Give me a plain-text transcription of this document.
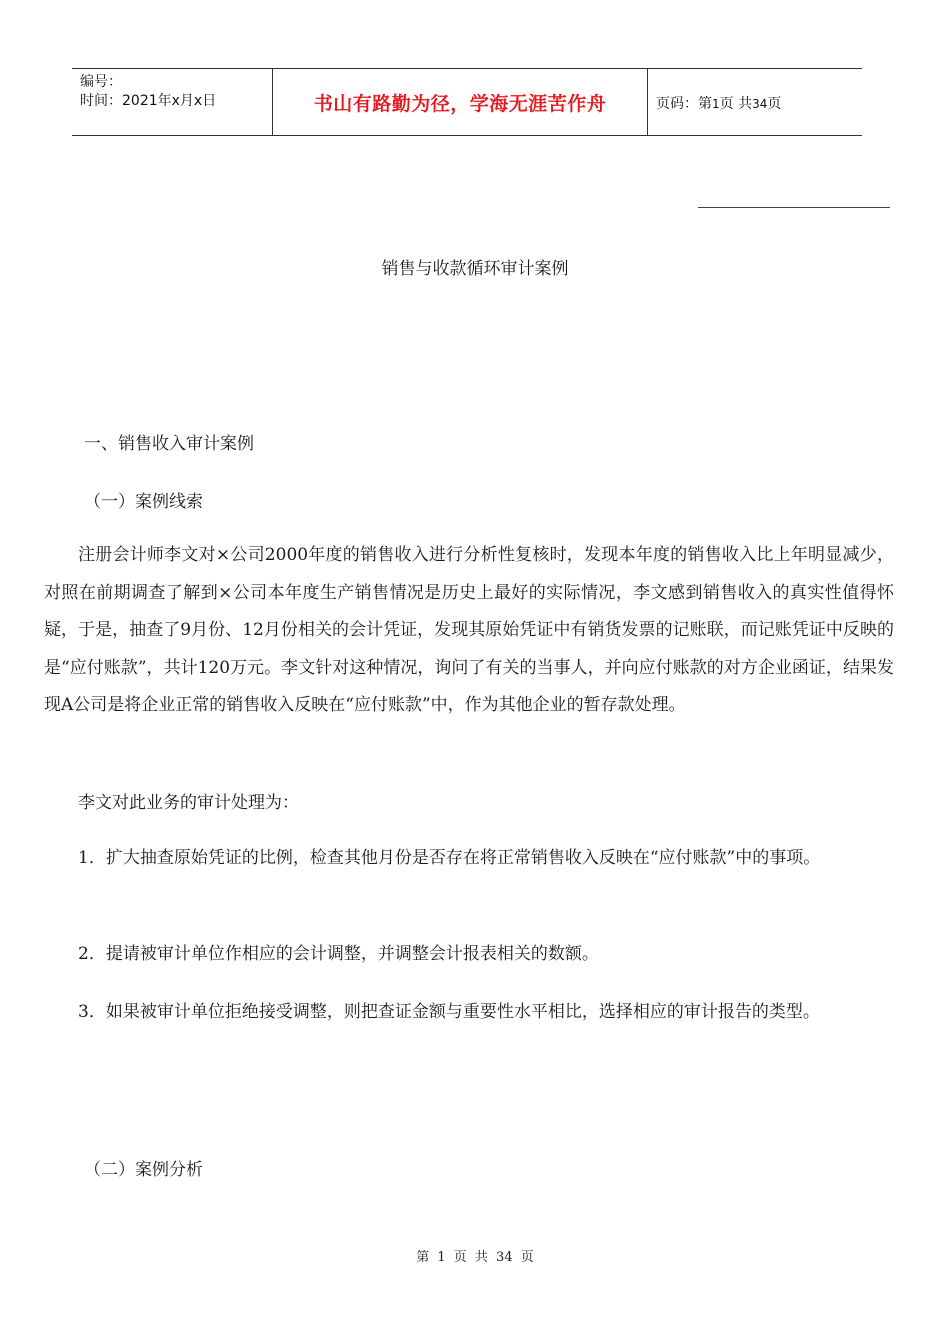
编号：
时间：2021年x月x日	书山有路勤为径，学海无涯苦作舟	页码：第1页 共34页
销售与收款循环审计案例
一、销售收入审计案例
（一）案例线索
注册会计师李文对×公司2000年度的销售收入进行分析性复核时，发现本年度的销售收入比上年明显减少，对照在前期调查了解到×公司本年度生产销售情况是历史上最好的实际情况，李文感到销售收入的真实性值得怀疑，于是，抽查了9月份、12月份相关的会计凭证，发现其原始凭证中有销货发票的记账联，而记账凭证中反映的是“应付账款”，共计120万元。李文针对这种情况，询问了有关的当事人，并向应付账款的对方企业函证，结果发现A公司是将企业正常的销售收入反映在“应付账款”中，作为其他企业的暂存款处理。
李文对此业务的审计处理为：
1．扩大抽查原始凭证的比例，检查其他月份是否存在将正常销售收入反映在“应付账款”中的事项。
2．提请被审计单位作相应的会计调整，并调整会计报表相关的数额。
3．如果被审计单位拒绝接受调整，则把查证金额与重要性水平相比，选择相应的审计报告的类型。
（二）案例分析
第 1 页 共 34 页
